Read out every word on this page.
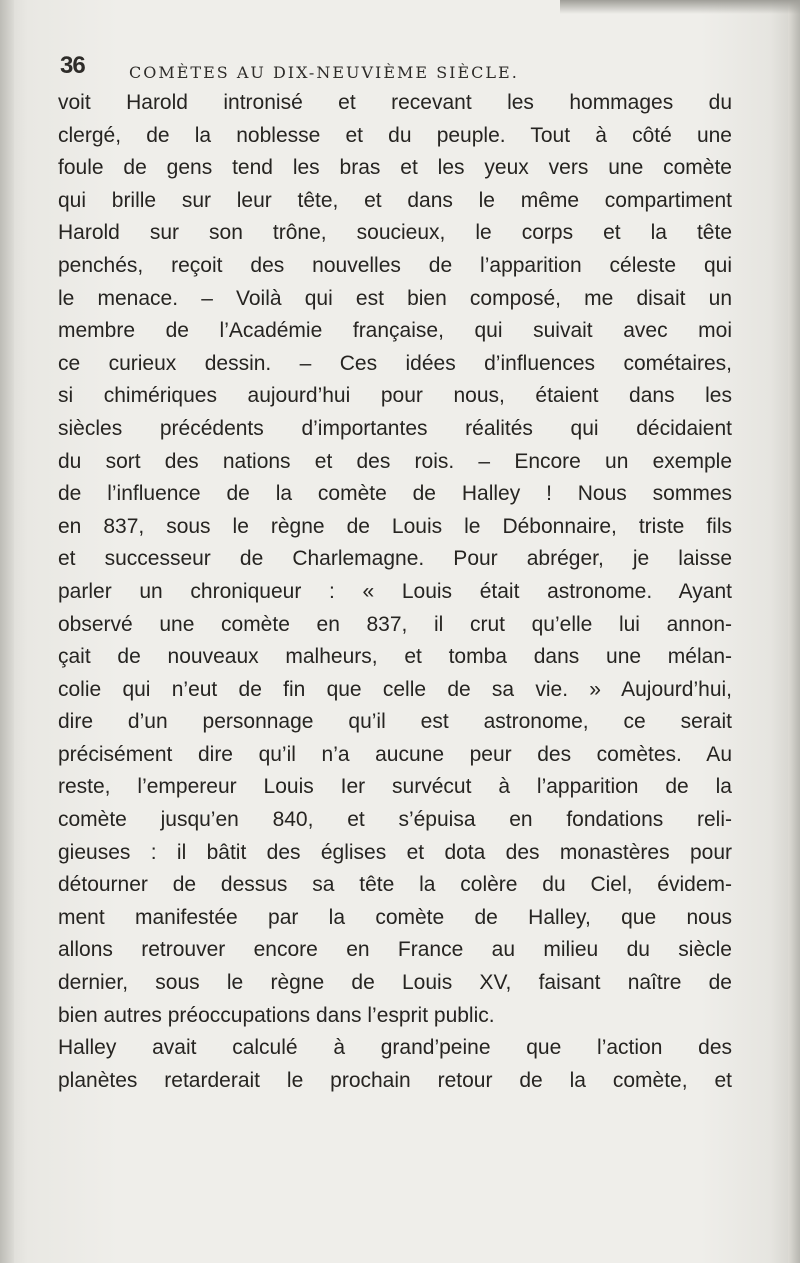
36	COMÈTES AU DIX-NEUVIÈME SIÈCLE.
voit Harold intronisé et recevant les hommages du
clergé, de la noblesse et du peuple. Tout à côté une
foule de gens tend les bras et les yeux vers une comète
qui brille sur leur tête, et dans le même compartiment
Harold sur son trône, soucieux, le corps et la tête
penchés, reçoit des nouvelles de l’apparition céleste qui
le menace. – Voilà qui est bien composé, me disait un
membre de l’Académie française, qui suivait avec moi
ce curieux dessin. – Ces idées d’influences cométaires,
si chimériques aujourd’hui pour nous, étaient dans les
siècles précédents d’importantes réalités qui décidaient
du sort des nations et des rois. – Encore un exemple
de l’influence de la comète de Halley ! Nous sommes
en 837, sous le règne de Louis le Débonnaire, triste fils
et successeur de Charlemagne. Pour abréger, je laisse
parler un chroniqueur : « Louis était astronome. Ayant
observé une comète en 837, il crut qu’elle lui annon-
çait de nouveaux malheurs, et tomba dans une mélan-
colie qui n’eut de fin que celle de sa vie. » Aujourd’hui,
dire d’un personnage qu’il est astronome, ce serait
précisément dire qu’il n’a aucune peur des comètes. Au
reste, l’empereur Louis Ier survécut à l’apparition de la
comète jusqu’en 840, et s’épuisa en fondations reli-
gieuses : il bâtit des églises et dota des monastères pour
détourner de dessus sa tête la colère du Ciel, évidem-
ment manifestée par la comète de Halley, que nous
allons retrouver encore en France au milieu du siècle
dernier, sous le règne de Louis XV, faisant naître de
bien autres préoccupations dans l’esprit public.
Halley avait calculé à grand’peine que l’action des
planètes retarderait le prochain retour de la comète, et
